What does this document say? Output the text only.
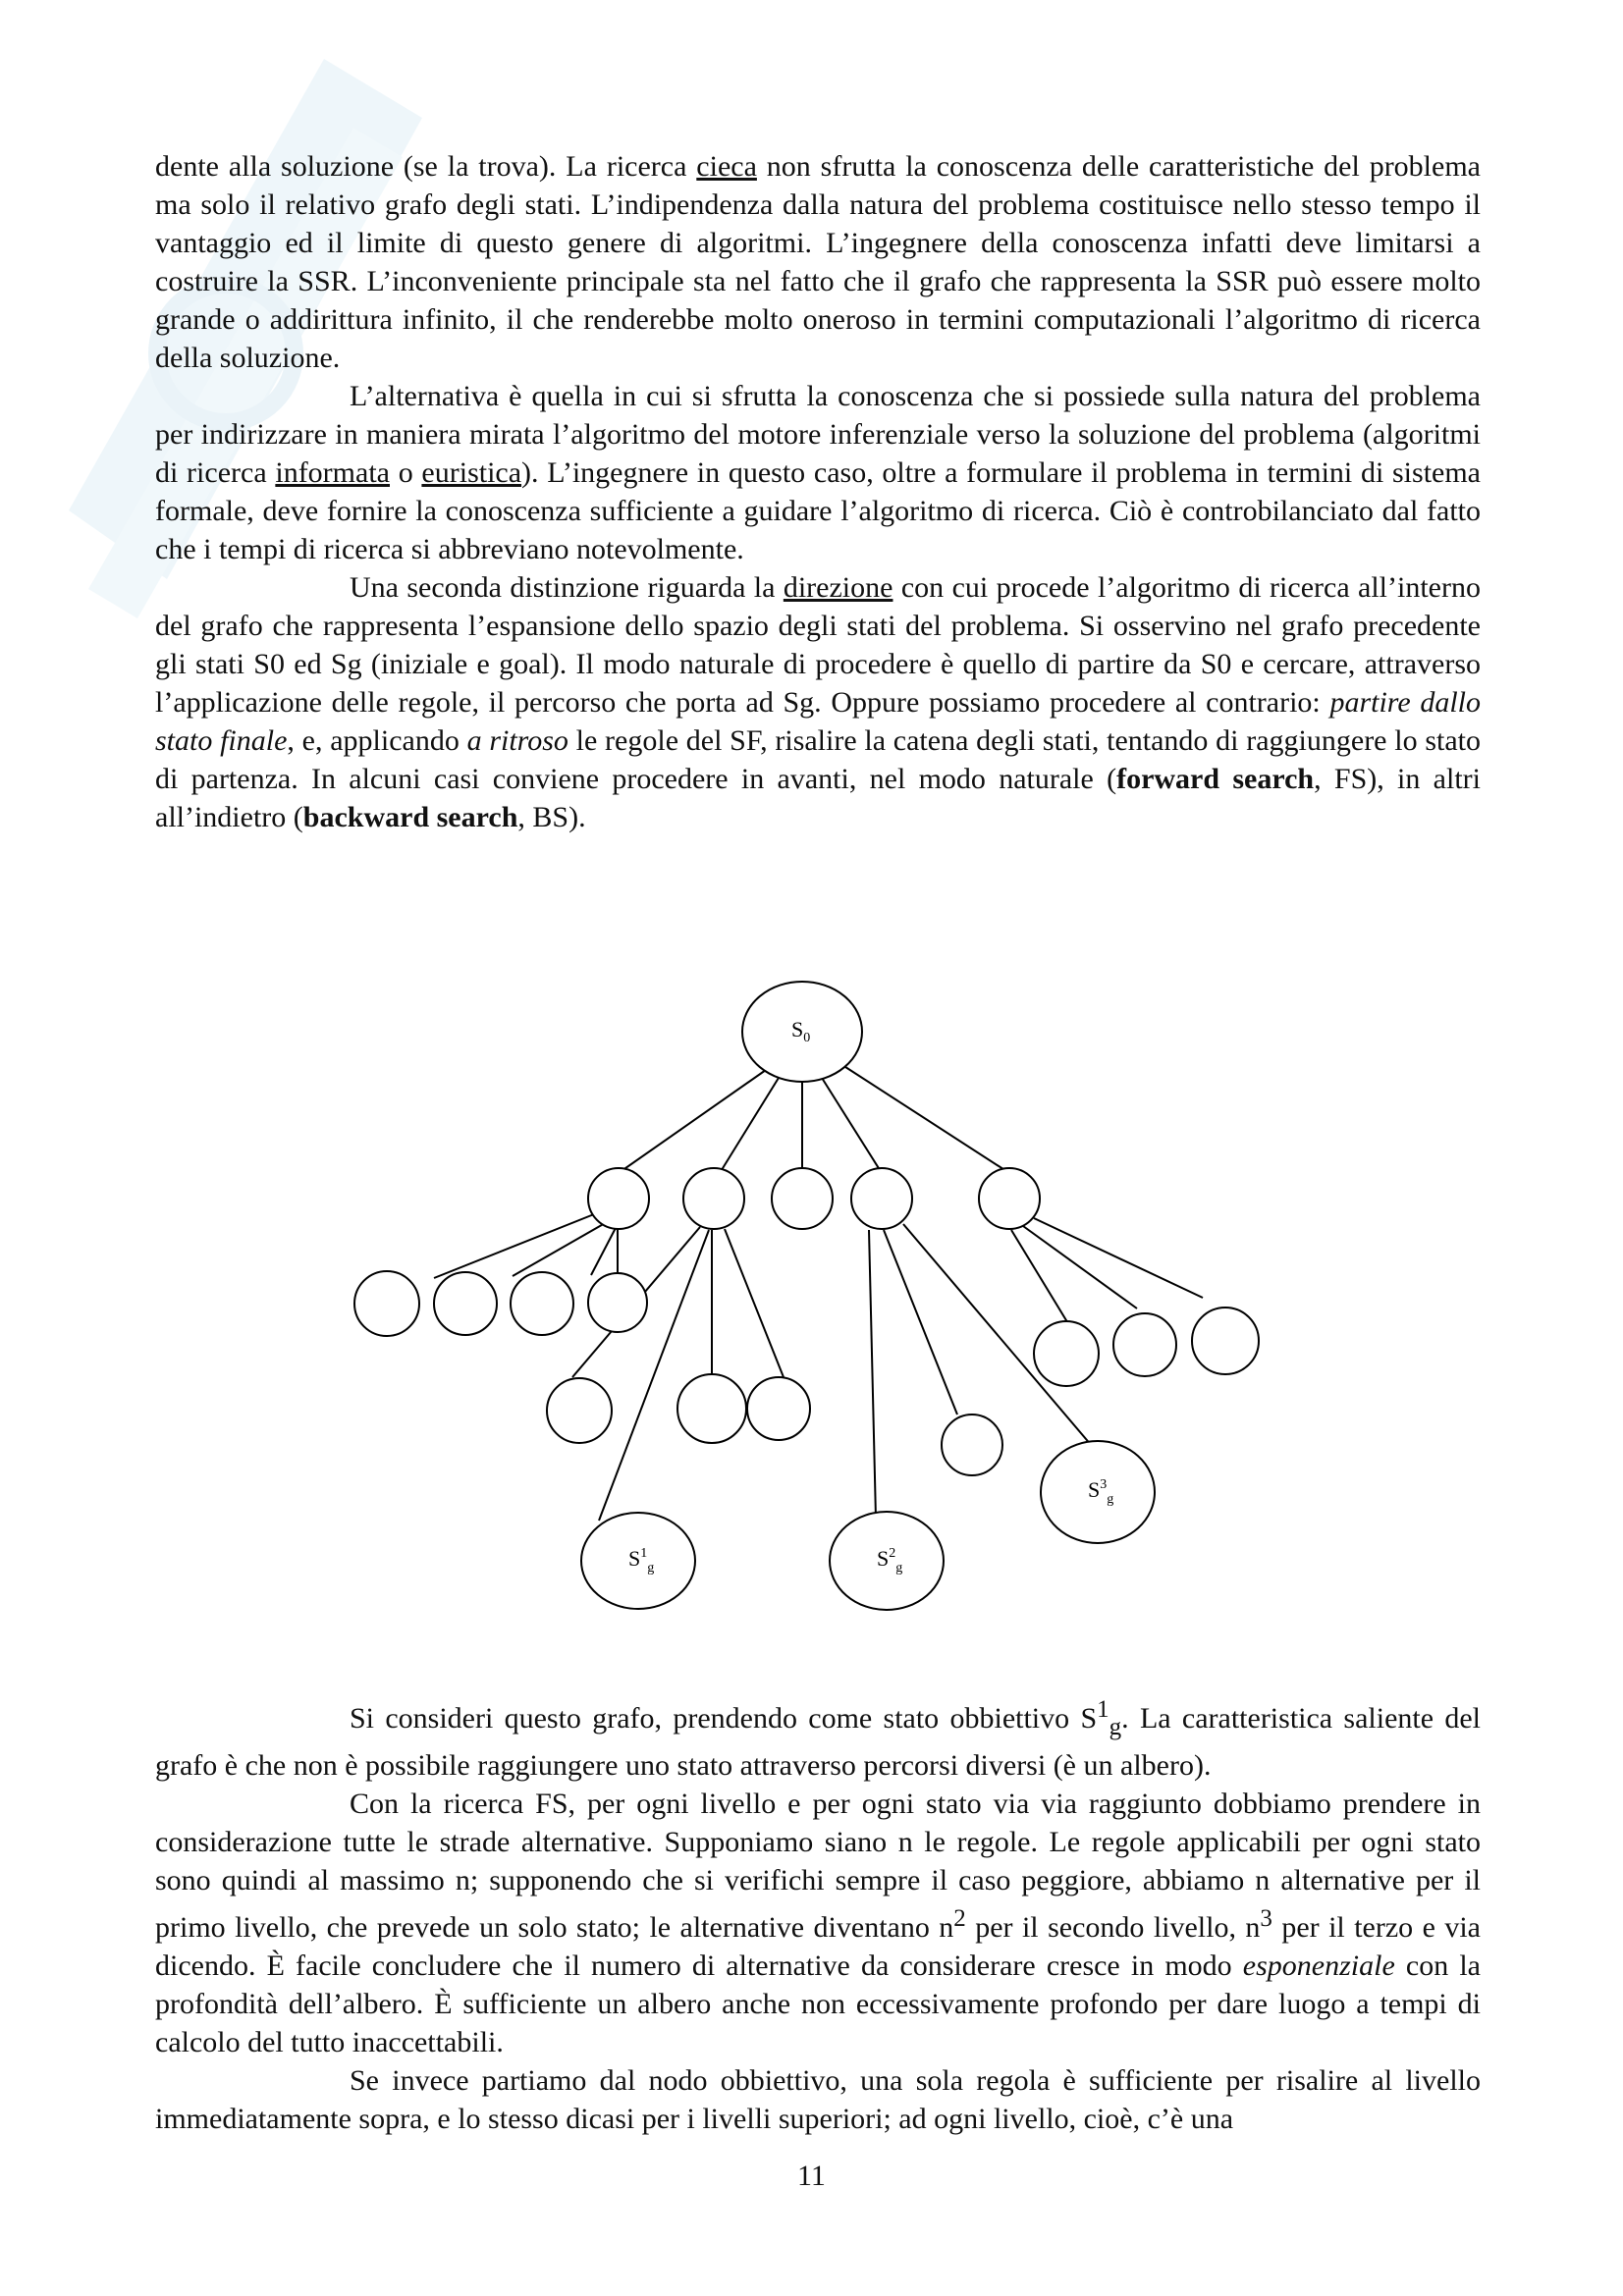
dente alla soluzione (se la trova). La ricerca cieca non sfrutta la conoscenza delle caratteristiche del problema ma solo il relativo grafo degli stati. L’indipendenza dalla natura del problema costituisce nello stesso tempo il vantaggio ed il limite di questo genere di algoritmi. L’ingegnere della conoscenza infatti deve limitarsi a costruire la SSR. L’inconveniente principale sta nel fatto che il grafo che rappresenta la SSR può essere molto grande o addirittura infinito, il che renderebbe molto oneroso in termini computazionali l’algoritmo di ricerca della soluzione.

L’alternativa è quella in cui si sfrutta la conoscenza che si possiede sulla natura del problema per indirizzare in maniera mirata l’algoritmo del motore inferenziale verso la soluzione del problema (algoritmi di ricerca informata o euristica). L’ingegnere in questo caso, oltre a formulare il problema in termini di sistema formale, deve fornire la conoscenza sufficiente a guidare l’algoritmo di ricerca. Ciò è controbilanciato dal fatto che i tempi di ricerca si abbreviano notevolmente.

Una seconda distinzione riguarda la direzione con cui procede l’algoritmo di ricerca all’interno del grafo che rappresenta l’espansione dello spazio degli stati del problema. Si osservino nel grafo precedente gli stati S0 ed Sg (iniziale e goal). Il modo naturale di procedere è quello di partire da S0 e cercare, attraverso l’applicazione delle regole, il percorso che porta ad Sg. Oppure possiamo procedere al contrario: partire dallo stato finale, e, applicando a ritroso le regole del SF, risalire la catena degli stati, tentando di raggiungere lo stato di partenza. In alcuni casi conviene procedere in avanti, nel modo naturale (forward search, FS), in altri all’indietro (backward search, BS).

$S_0$
$S^1_g$	$S^2_g$
$S^3_g$

Si consideri questo grafo, prendendo come stato obbiettivo $S^1_g$. La caratteristica saliente del grafo è che non è possibile raggiungere uno stato attraverso percorsi diversi (è un albero).

Con la ricerca FS, per ogni livello e per ogni stato via via raggiunto dobbiamo prendere in considerazione tutte le strade alternative. Supponiamo siano n le regole. Le regole applicabili per ogni stato sono quindi al massimo n; supponendo che si verifichi sempre il caso peggiore, abbiamo n alternative per il primo livello, che prevede un solo stato; le alternative diventano $n^2$ per il secondo livello, $n^3$ per il terzo e via dicendo. È facile concludere che il numero di alternative da considerare cresce in modo esponenziale con la profondità dell’albero. È sufficiente un albero anche non eccessivamente profondo per dare luogo a tempi di calcolo del tutto inaccettabili.

Se invece partiamo dal nodo obbiettivo, una sola regola è sufficiente per risalire al livello immediatamente sopra, e lo stesso dicasi per i livelli superiori; ad ogni livello, cioè, c’è una

11
